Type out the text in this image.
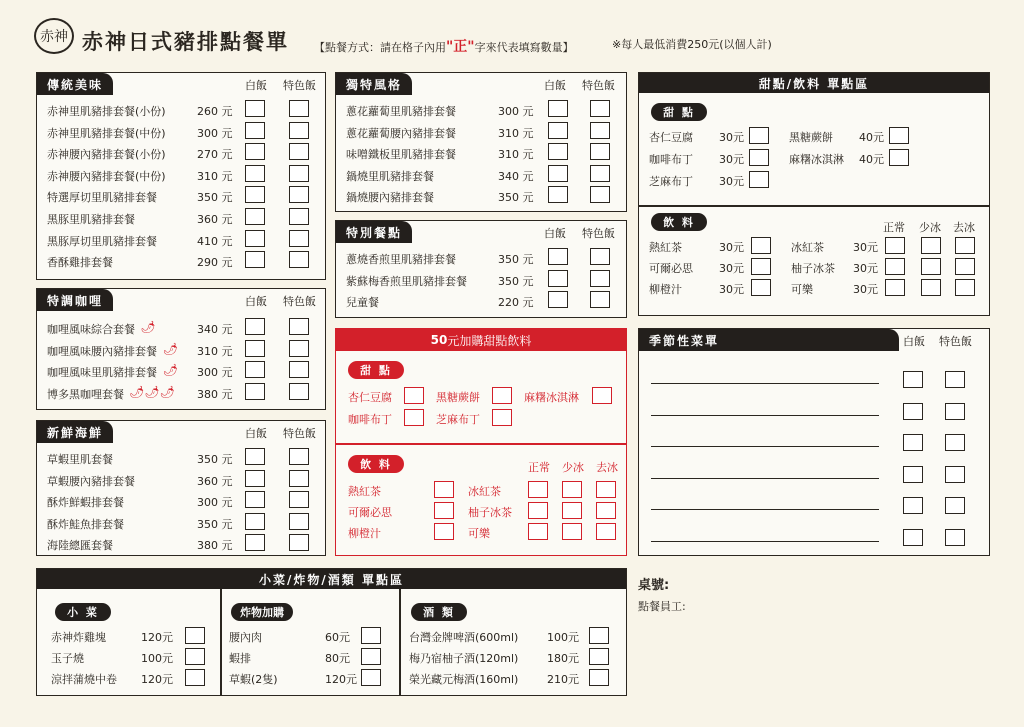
赤神 赤神日式豬排點餐單 【點餐方式：請在格子內用"正"字來代表填寫數量】	※每人最低消費250元(以個人計)
傳統美味	白飯 特色飯
赤神里肌豬排套餐(小份)	260 元
赤神里肌豬排套餐(中份)	300 元
赤神腰內豬排套餐(小份)	270 元
赤神腰內豬排套餐(中份)	310 元
特選厚切里肌豬排套餐	350 元
黑豚里肌豬排套餐	360 元
黑豚厚切里肌豬排套餐	410 元
香酥雞排套餐	290 元
特調咖哩	白飯 特色飯
咖哩風味綜合套餐 🌶	340 元
咖哩風味腰內豬排套餐 🌶 310 元
咖哩風味里肌豬排套餐 🌶 300 元
博多黑咖哩套餐 🌶🌶🌶 380 元
新鮮海鮮	白飯 特色飯
草蝦里肌套餐	350 元
草蝦腰內豬排套餐	360 元
酥炸鮮蝦排套餐	300 元
酥炸鮭魚排套餐	350 元
海陸總匯套餐	380 元
獨特風格	白飯 特色飯
蔥花蘿蔔里肌豬排套餐	300 元
蔥花蘿蔔腰內豬排套餐	310 元
味噌鐵板里肌豬排套餐	310 元
鍋燒里肌豬排套餐	340 元
鍋燒腰內豬排套餐	350 元
特別餐點	白飯 特色飯
蔥燒香煎里肌豬排套餐	350 元
紫蘇梅香煎里肌豬排套餐	350 元
兒童餐	220 元
50 元加購甜點飲料
甜 點
杏仁豆腐	黑糖蕨餅	麻糬冰淇淋
咖啡布丁	芝麻布丁
飲 料	正常 少冰 去冰
熱紅茶	冰紅茶
可爾必思	柚子冰茶
柳橙汁	可樂
甜點/飲料 單點區
甜 點
杏仁豆腐 30元	黑糖蕨餅 40元
咖啡布丁 30元	麻糬冰淇淋 40元
芝麻布丁 30元
飲 料	正常 少冰 去冰
熱紅茶	30元	冰紅茶	30元
可爾必思 30元	柚子冰茶 30元
柳橙汁	30元	可樂	30元
季節性菜單	白飯 特色飯
小菜/炸物/酒類 單點區
小 菜	炸物加購	酒 類
赤神炸雞塊	120元
玉子燒	100元
涼拌蒲燒中卷 120元
腰內肉	60元
蝦排	80元
草蝦(2隻)	120元
台灣金牌啤酒(600ml)	100元
梅乃宿柚子酒(120ml)	180元
榮光藏元梅酒(160ml)	210元
桌號:
點餐員工:
